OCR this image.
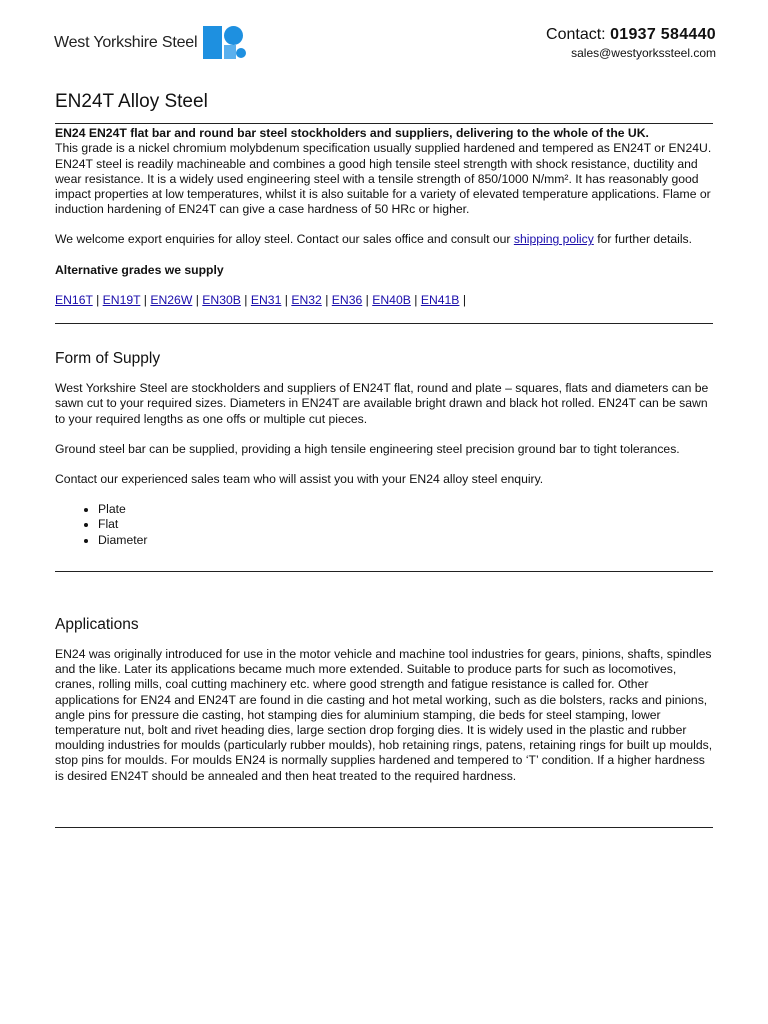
West Yorkshire Steel	Contact: 01937 584440
sales@westyorkssteel.com
EN24T Alloy Steel

EN24 EN24T flat bar and round bar steel stockholders and suppliers, delivering to the whole of the UK.

This grade is a nickel chromium molybdenum specification usually supplied hardened and tempered as EN24T or EN24U. EN24T steel is readily machineable and combines a good high tensile steel strength with shock resistance, ductility and wear resistance. It is a widely used engineering steel with a tensile strength of 850/1000 N/mm². It has reasonably good impact properties at low temperatures, whilst it is also suitable for a variety of elevated temperature applications. Flame or induction hardening of EN24T can give a case hardness of 50 HRc or higher.

We welcome export enquiries for alloy steel. Contact our sales office and consult our shipping policy for further details.

Alternative grades we supply

EN16T | EN19T | EN26W | EN30B | EN31 | EN32 | EN36 | EN40B | EN41B |

Form of Supply

West Yorkshire Steel are stockholders and suppliers of EN24T flat, round and plate – squares, flats and diameters can be sawn cut to your required sizes. Diameters in EN24T are available bright drawn and black hot rolled. EN24T can be sawn to your required lengths as one offs or multiple cut pieces.

Ground steel bar can be supplied, providing a high tensile engineering steel precision ground bar to tight tolerances.

Contact our experienced sales team who will assist you with your EN24 alloy steel enquiry.

• Plate
• Flat
• Diameter
Applications

EN24 was originally introduced for use in the motor vehicle and machine tool industries for gears, pinions, shafts, spindles and the like. Later its applications became much more extended. Suitable to produce parts for such as locomotives, cranes, rolling mills, coal cutting machinery etc. where good strength and fatigue resistance is called for. Other applications for EN24 and EN24T are found in die casting and hot metal working, such as die bolsters, racks and pinions, angle pins for pressure die casting, hot stamping dies for aluminium stamping, die beds for steel stamping, lower temperature nut, bolt and rivet heading dies, large section drop forging dies. It is widely used in the plastic and rubber moulding industries for moulds (particularly rubber moulds), hob retaining rings, patens, retaining rings for built up moulds, stop pins for moulds. For moulds EN24 is normally supplies hardened and tempered to ‘T’ condition. If a higher hardness is desired EN24T should be annealed and then heat treated to the required hardness.
